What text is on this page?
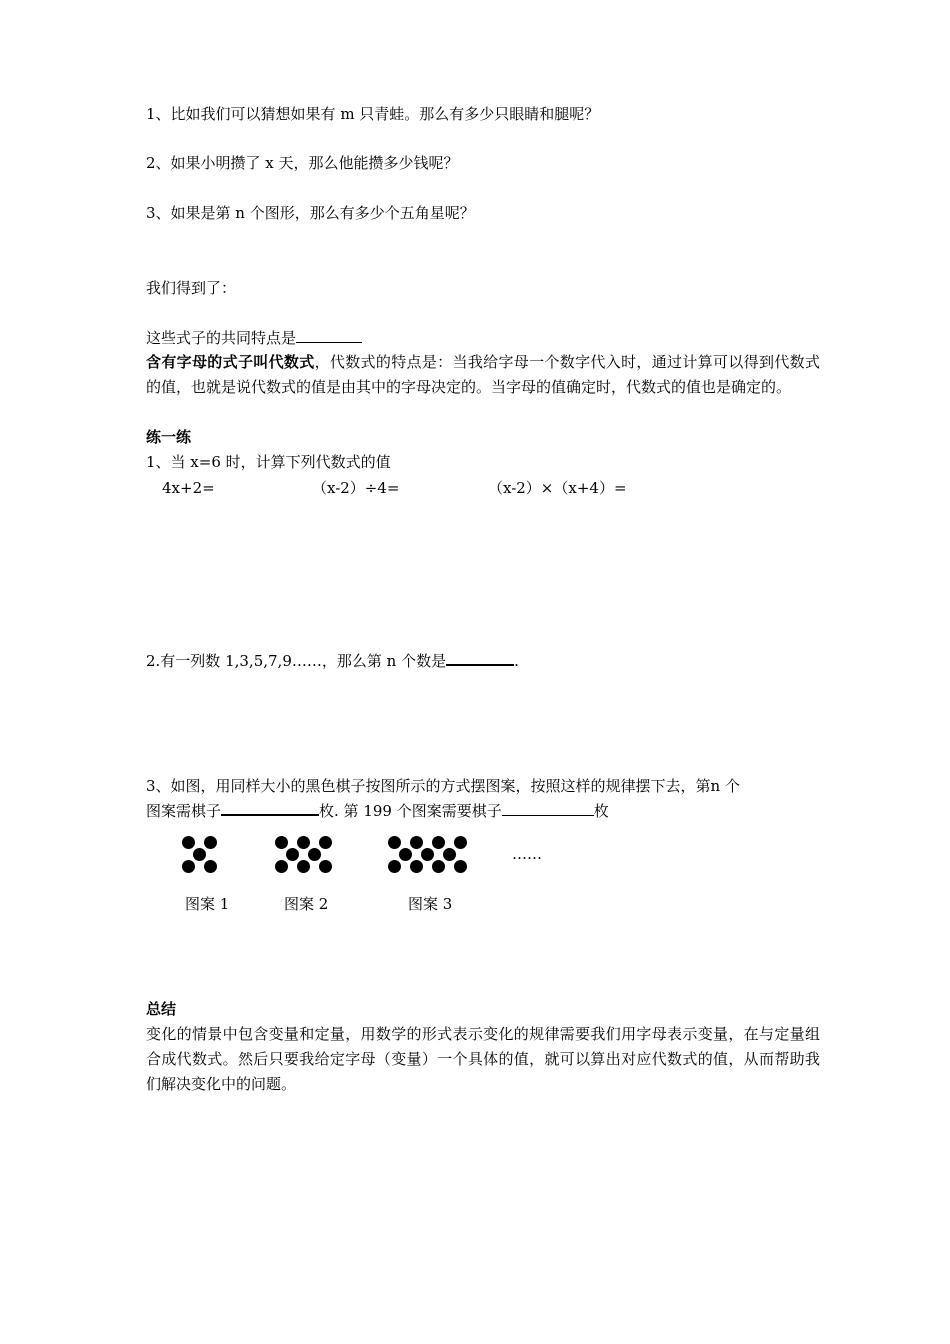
1、比如我们可以猜想如果有 m 只青蛙。那么有多少只眼睛和腿呢？
2、如果小明攒了 x 天，那么他能攒多少钱呢？
3、如果是第 n 个图形，那么有多少个五角星呢？
我们得到了：
这些式子的共同特点是
含有字母的式子叫代数式，代数式的特点是：当我给字母一个数字代入时，通过计算可以得到代数式的值，也就是说代数式的值是由其中的字母决定的。当字母的值确定时，代数式的值也是确定的。
练一练
1、当 x=6 时，计算下列代数式的值
4x+2=	（x-2）÷4=	（x-2）×（x+4）=
2.有一列数 1,3,5,7,9……，那么第 n 个数是	.
3、如图，用同样大小的黑色棋子按图所示的方式摆图案，按照这样的规律摆下去，第n 个
图案需棋子	枚. 第 199 个图案需要棋子	枚
……
图案 1	图案 2	图案 3
总结
变化的情景中包含变量和定量，用数学的形式表示变化的规律需要我们用字母表示变量，在与定量组合成代数式。然后只要我给定字母（变量）一个具体的值，就可以算出对应代数式的值，从而帮助我们解决变化中的问题。
